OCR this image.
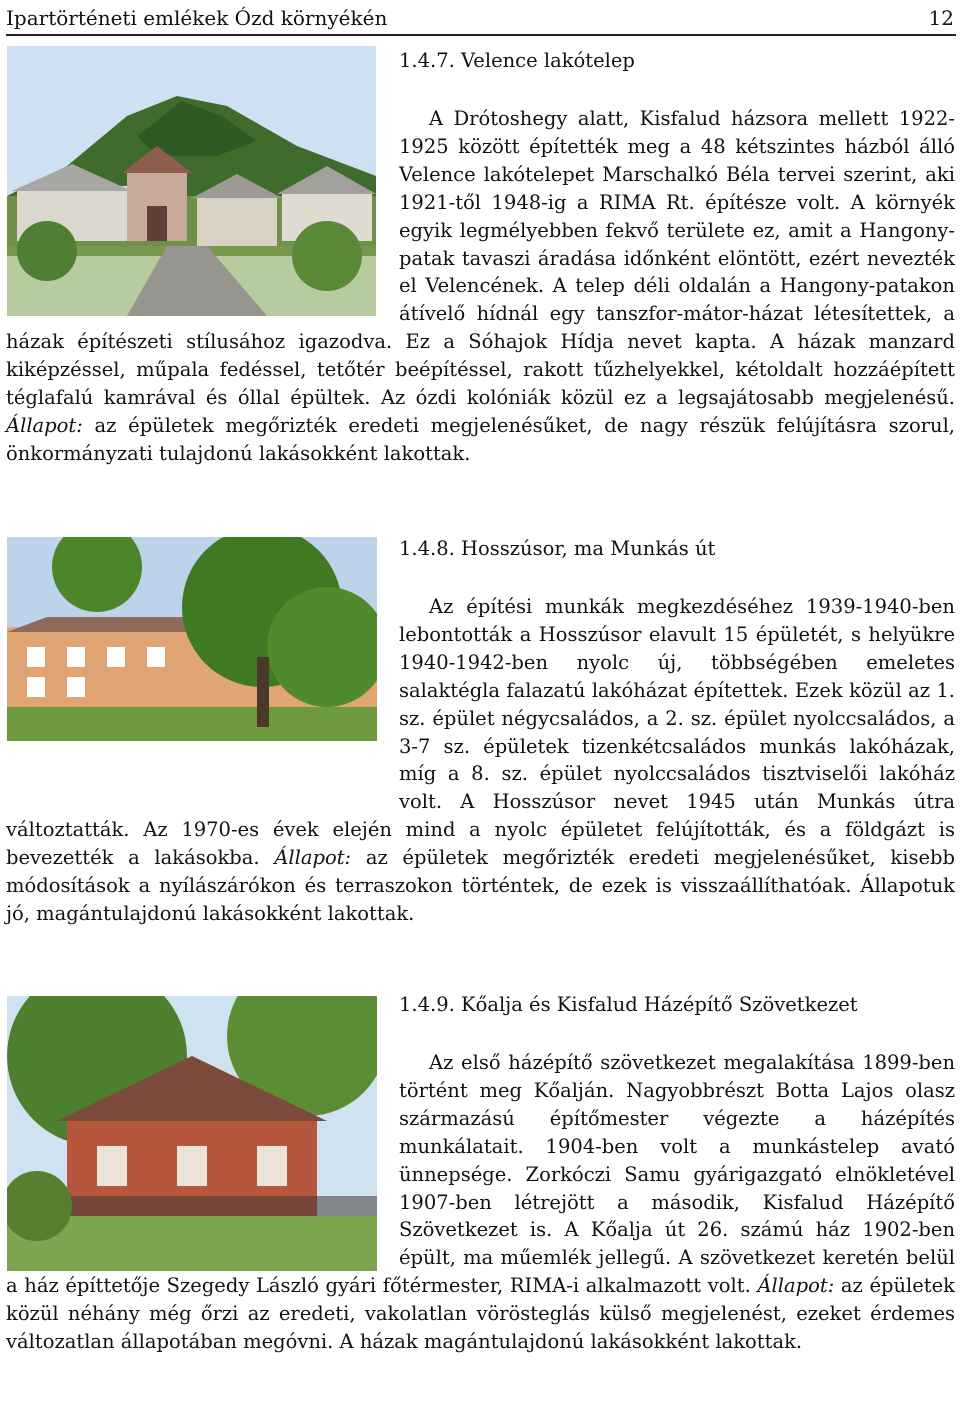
Ipartörténeti emlékek Ózd környékén	12
1.4.7. Velence lakótelep

A Drótoshegy alatt, Kisfalud házsora mellett 1922-1925 között építették meg a 48 kétszintes házból álló Velence lakótelepet Marschalkó Béla tervei szerint, aki 1921-től 1948-ig a RIMA Rt. építésze volt. A környék egyik legmélyebben fekvő területe ez, amit a Hangony-patak tavaszi áradása időnként elöntött, ezért nevezték el Velencének. A telep déli oldalán a Hangony-patakon átívelő hídnál egy tanszfor-mátor-házat létesítettek, a házak építészeti stílusához igazodva. Ez a Sóhajok Hídja nevet kapta. A házak manzard kiképzéssel, műpala fedéssel, tetőtér beépítéssel, rakott tűzhelyekkel, kétoldalt hozzáépített téglafalú kamrával és óllal épültek. Az ózdi kolóniák közül ez a legsajátosabb megjelenésű. Állapot: az épületek megőrizték eredeti megjelenésűket, de nagy részük felújításra szorul, önkormányzati tulajdonú lakásokként lakottak.

1.4.8. Hosszúsor, ma Munkás út

Az építési munkák megkezdéséhez 1939-1940-ben lebontották a Hosszúsor elavult 15 épületét, s helyükre 1940-1942-ben nyolc új, többségében emeletes salaktégla falazatú lakóházat építettek. Ezek közül az 1. sz. épület négycsaládos, a 2. sz. épület nyolccsaládos, a 3-7 sz. épületek tizenkétcsaládos munkás lakóházak, míg a 8. sz. épület nyolccsaládos tisztviselői lakóház volt. A Hosszúsor nevet 1945 után Munkás útra változtatták. Az 1970-es évek elején mind a nyolc épületet felújították, és a földgázt is bevezették a lakásokba. Állapot: az épületek megőrizték eredeti megjelenésűket, kisebb módosítások a nyílászárókon és terraszokon történtek, de ezek is visszaállíthatóak. Állapotuk jó, magántulajdonú lakásokként lakottak.

1.4.9. Kőalja és Kisfalud Házépítő Szövetkezet

Az első házépítő szövetkezet megalakítása 1899-ben történt meg Kőalján. Nagyobbrészt Botta Lajos olasz származású építőmester végezte a házépítés munkálatait. 1904-ben volt a munkástelep avató ünnepsége. Zorkóczi Samu gyárigazgató elnökletével 1907-ben létrejött a második, Kisfalud Házépítő Szövetkezet is. A Kőalja út 26. számú ház 1902-ben épült, ma műemlék jellegű. A szövetkezet keretén belül a ház építtetője Szegedy László gyári főtérmester, RIMA-i alkalmazott volt. Állapot: az épületek közül néhány még őrzi az eredeti, vakolatlan vörösteglás külső megjelenést, ezeket érdemes változatlan állapotában megóvni. A házak magántulajdonú lakásokként lakottak.
